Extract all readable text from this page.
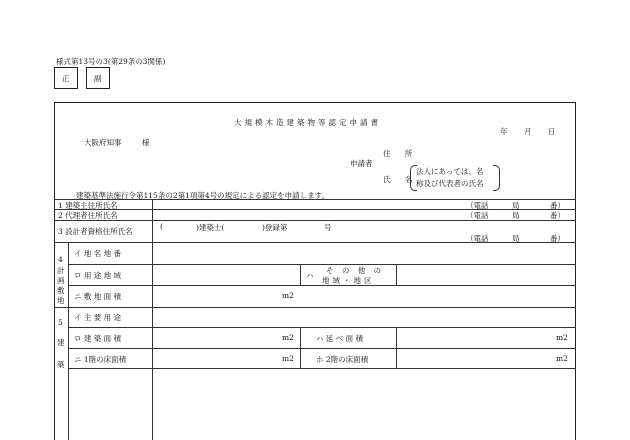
様式第13号の3(第29条の3関係)
正	副
大規模木造建築物等認定申請書
年 月 日
大阪府知事	様
住 所
申請者
氏 名
法人にあっては、名
称及び代表者の氏名
建築基準法施行令第115条の2第1項第4号の規定による認定を申請します。
1 建築主住所氏名	（電話	局	番）
2 代理者住所氏名	（電話	局	番）
3 設計者資格住所氏名
(	)建築士(	)登録第	号
（電話	局	番）
4
計画敷地
イ 地 名 地 番
ロ 用 途 地 域	ハ
そ の 他 の
地域・地区
ニ 敷 地 面 積	m2
5
建築
イ 主 要 用 途
ロ 建 築 面 積	m2	ハ 延 べ 面 積	m2
ニ 1階の床面積	m2	ホ 2階の床面積	m2
